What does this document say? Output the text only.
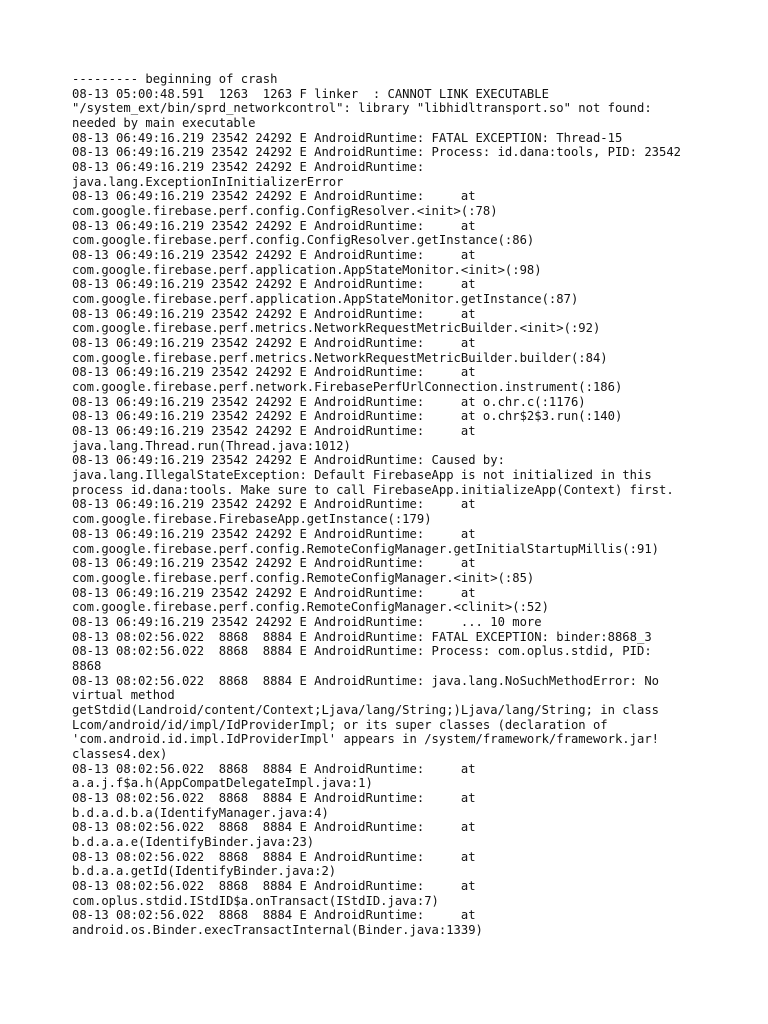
--------- beginning of crash
08-13 05:00:48.591  1263  1263 F linker  : CANNOT LINK EXECUTABLE
"/system_ext/bin/sprd_networkcontrol": library "libhidltransport.so" not found:
needed by main executable
08-13 06:49:16.219 23542 24292 E AndroidRuntime: FATAL EXCEPTION: Thread-15
08-13 06:49:16.219 23542 24292 E AndroidRuntime: Process: id.dana:tools, PID: 23542
08-13 06:49:16.219 23542 24292 E AndroidRuntime:
java.lang.ExceptionInInitializerError
08-13 06:49:16.219 23542 24292 E AndroidRuntime:     at
com.google.firebase.perf.config.ConfigResolver.<init>(:78)
08-13 06:49:16.219 23542 24292 E AndroidRuntime:     at
com.google.firebase.perf.config.ConfigResolver.getInstance(:86)
08-13 06:49:16.219 23542 24292 E AndroidRuntime:     at
com.google.firebase.perf.application.AppStateMonitor.<init>(:98)
08-13 06:49:16.219 23542 24292 E AndroidRuntime:     at
com.google.firebase.perf.application.AppStateMonitor.getInstance(:87)
08-13 06:49:16.219 23542 24292 E AndroidRuntime:     at
com.google.firebase.perf.metrics.NetworkRequestMetricBuilder.<init>(:92)
08-13 06:49:16.219 23542 24292 E AndroidRuntime:     at
com.google.firebase.perf.metrics.NetworkRequestMetricBuilder.builder(:84)
08-13 06:49:16.219 23542 24292 E AndroidRuntime:     at
com.google.firebase.perf.network.FirebasePerfUrlConnection.instrument(:186)
08-13 06:49:16.219 23542 24292 E AndroidRuntime:     at o.chr.c(:1176)
08-13 06:49:16.219 23542 24292 E AndroidRuntime:     at o.chr$2$3.run(:140)
08-13 06:49:16.219 23542 24292 E AndroidRuntime:     at
java.lang.Thread.run(Thread.java:1012)
08-13 06:49:16.219 23542 24292 E AndroidRuntime: Caused by:
java.lang.IllegalStateException: Default FirebaseApp is not initialized in this
process id.dana:tools. Make sure to call FirebaseApp.initializeApp(Context) first.
08-13 06:49:16.219 23542 24292 E AndroidRuntime:     at
com.google.firebase.FirebaseApp.getInstance(:179)
08-13 06:49:16.219 23542 24292 E AndroidRuntime:     at
com.google.firebase.perf.config.RemoteConfigManager.getInitialStartupMillis(:91)
08-13 06:49:16.219 23542 24292 E AndroidRuntime:     at
com.google.firebase.perf.config.RemoteConfigManager.<init>(:85)
08-13 06:49:16.219 23542 24292 E AndroidRuntime:     at
com.google.firebase.perf.config.RemoteConfigManager.<clinit>(:52)
08-13 06:49:16.219 23542 24292 E AndroidRuntime:     ... 10 more
08-13 08:02:56.022  8868  8884 E AndroidRuntime: FATAL EXCEPTION: binder:8868_3
08-13 08:02:56.022  8868  8884 E AndroidRuntime: Process: com.oplus.stdid, PID:
8868
08-13 08:02:56.022  8868  8884 E AndroidRuntime: java.lang.NoSuchMethodError: No
virtual method
getStdid(Landroid/content/Context;Ljava/lang/String;)Ljava/lang/String; in class
Lcom/android/id/impl/IdProviderImpl; or its super classes (declaration of
'com.android.id.impl.IdProviderImpl' appears in /system/framework/framework.jar!
classes4.dex)
08-13 08:02:56.022  8868  8884 E AndroidRuntime:     at
a.a.j.f$a.h(AppCompatDelegateImpl.java:1)
08-13 08:02:56.022  8868  8884 E AndroidRuntime:     at
b.d.a.d.b.a(IdentifyManager.java:4)
08-13 08:02:56.022  8868  8884 E AndroidRuntime:     at
b.d.a.a.e(IdentifyBinder.java:23)
08-13 08:02:56.022  8868  8884 E AndroidRuntime:     at
b.d.a.a.getId(IdentifyBinder.java:2)
08-13 08:02:56.022  8868  8884 E AndroidRuntime:     at
com.oplus.stdid.IStdID$a.onTransact(IStdID.java:7)
08-13 08:02:56.022  8868  8884 E AndroidRuntime:     at
android.os.Binder.execTransactInternal(Binder.java:1339)
